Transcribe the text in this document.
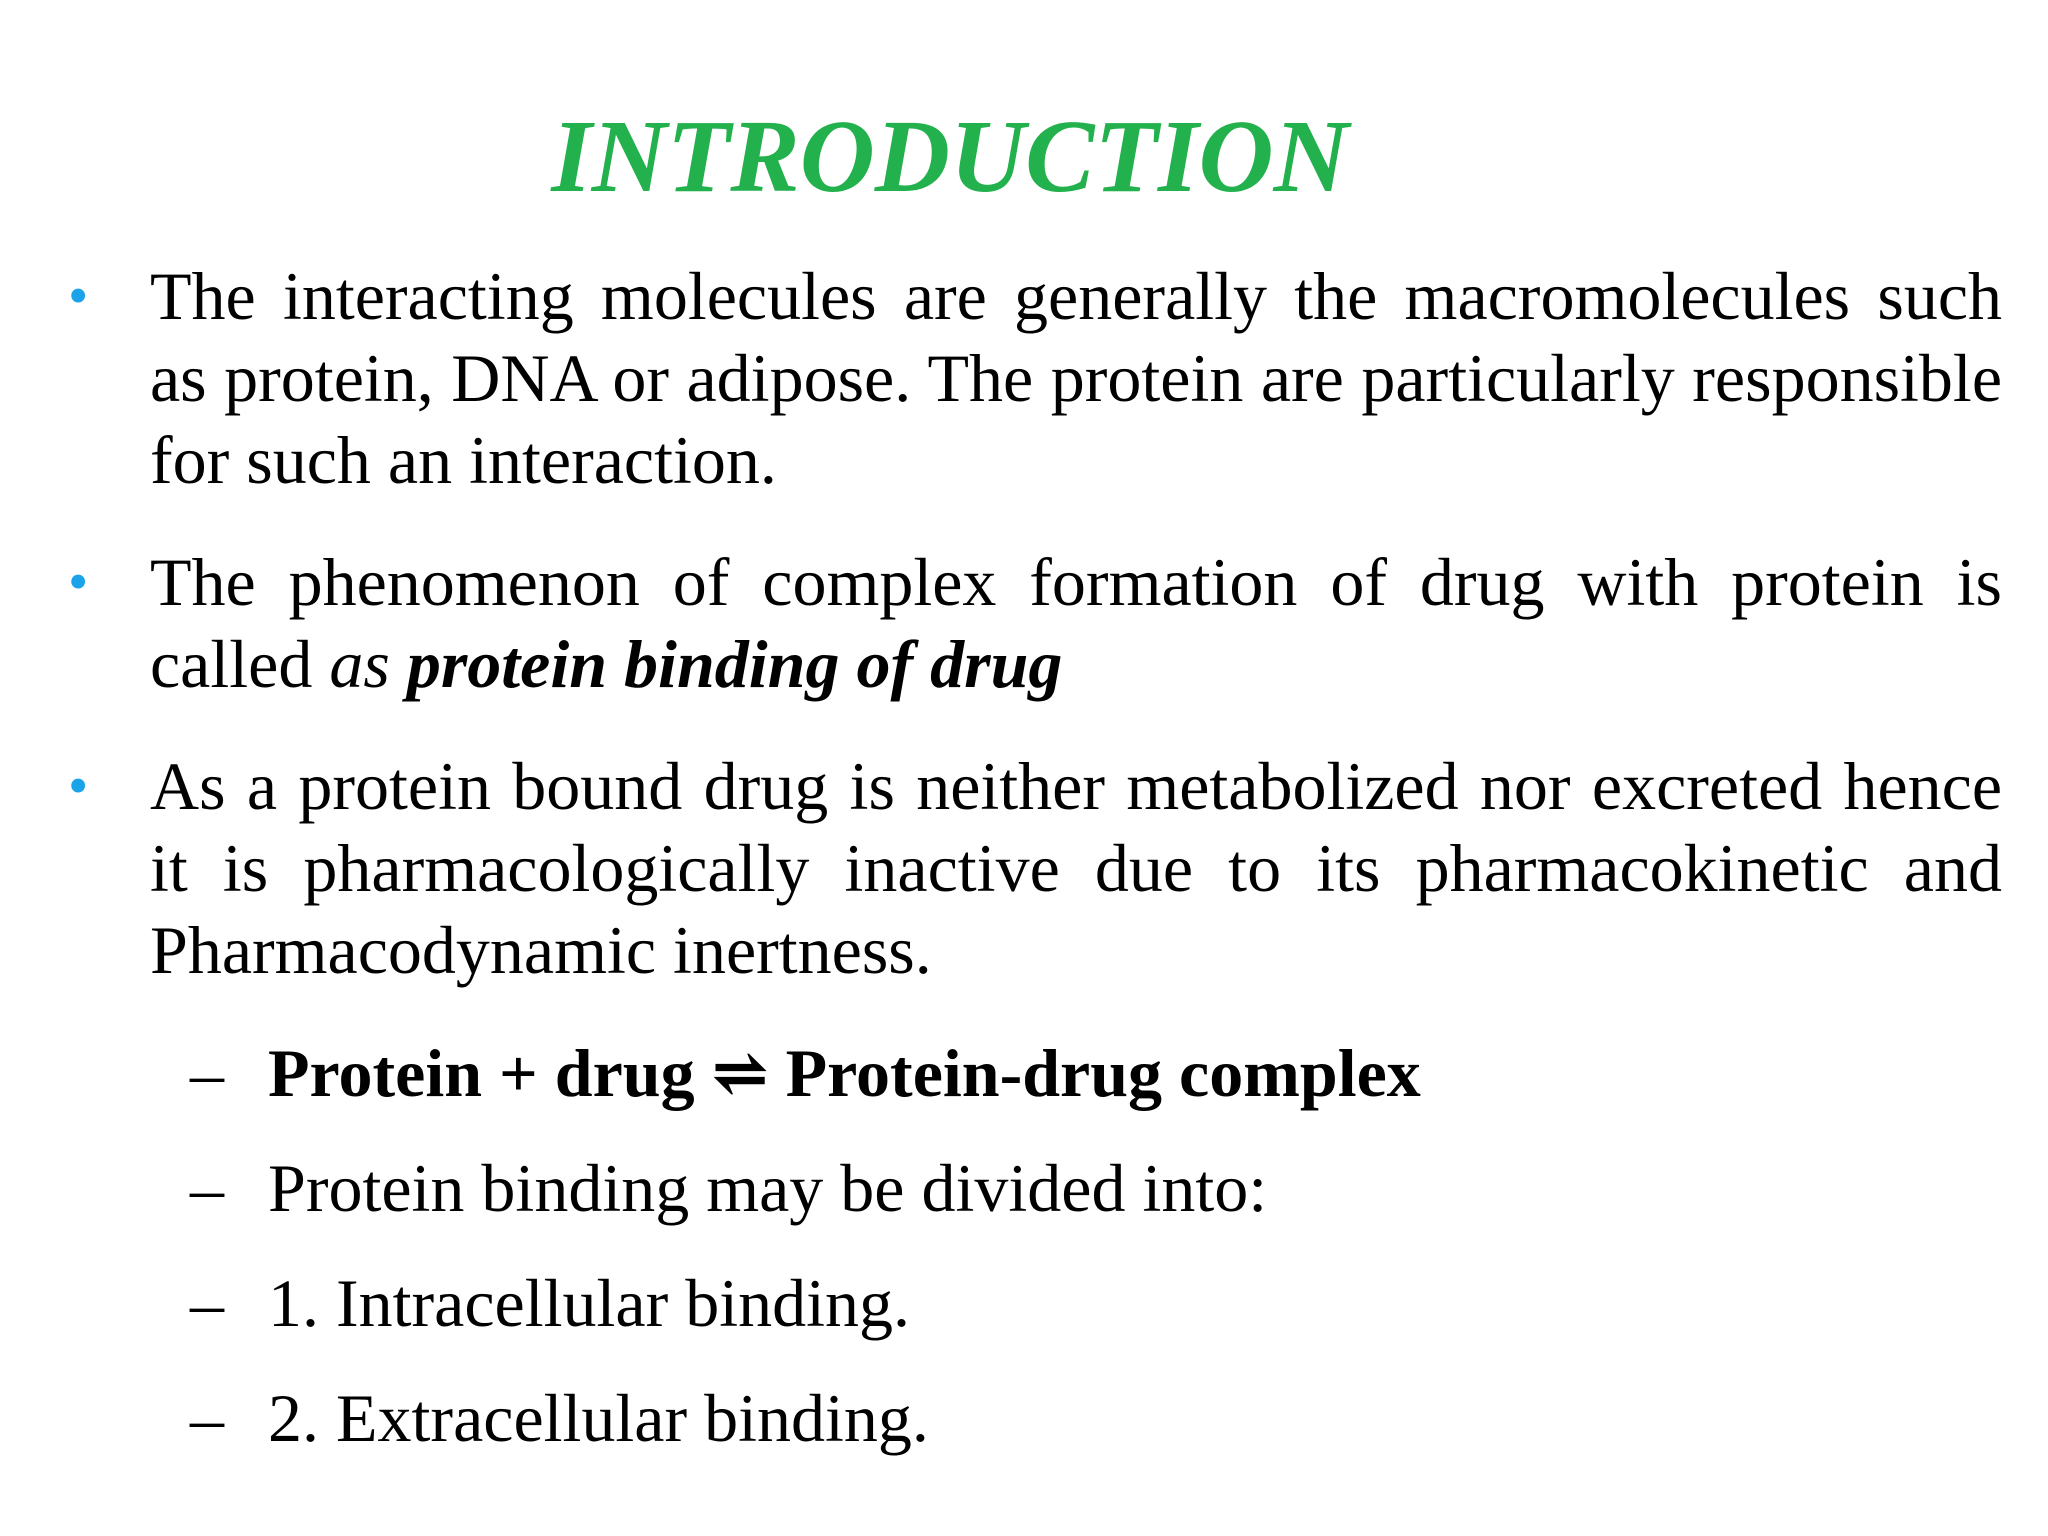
INTRODUCTION
• The interacting molecules are generally the macromolecules such as protein, DNA or adipose. The protein are particularly responsible for such an interaction.
• The phenomenon of complex formation of drug with protein is called as protein binding of drug
• As a protein bound drug is neither metabolized nor excreted hence it is pharmacologically inactive due to its pharmacokinetic and Pharmacodynamic inertness.
– Protein + drug ⇌ Protein-drug complex
– Protein binding may be divided into:
– 1. Intracellular binding.
– 2. Extracellular binding.
